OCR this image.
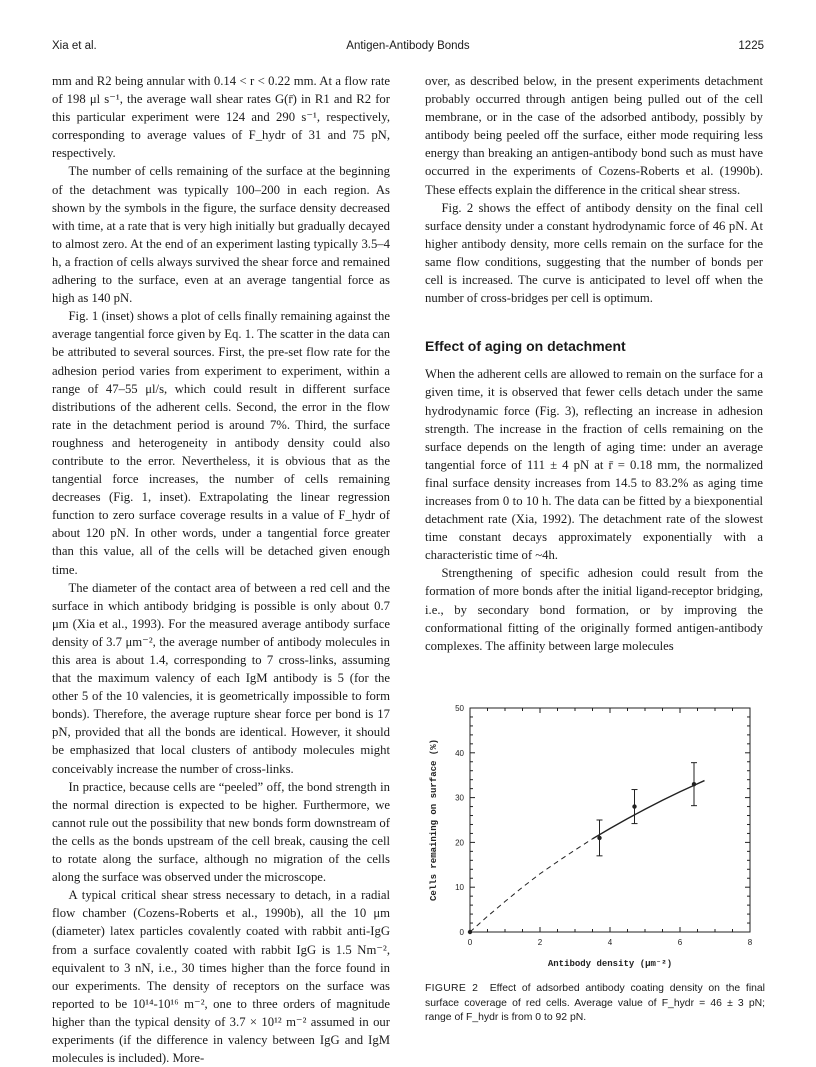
Xia et al.	Antigen-Antibody Bonds	1225

mm and R2 being annular with 0.14 < r < 0.22 mm. At a flow rate of 198 μl s⁻¹, the average wall shear rates G(r̄) in R1 and R2 for this particular experiment were 124 and 290 s⁻¹, respectively, corresponding to average values of F_hydr of 31 and 75 pN, respectively.

The number of cells remaining of the surface at the beginning of the detachment was typically 100–200 in each region. As shown by the symbols in the figure, the surface density decreased with time, at a rate that is very high initially but gradually decayed to almost zero. At the end of an experiment lasting typically 3.5–4 h, a fraction of cells always survived the shear force and remained adhering to the surface, even at an average tangential force as high as 140 pN.

Fig. 1 (inset) shows a plot of cells finally remaining against the average tangential force given by Eq. 1. The scatter in the data can be attributed to several sources. First, the pre-set flow rate for the adhesion period varies from experiment to experiment, within a range of 47–55 μl/s, which could result in different surface distributions of the adherent cells. Second, the error in the flow rate in the detachment period is around 7%. Third, the surface roughness and heterogeneity in antibody density could also contribute to the error. Nevertheless, it is obvious that as the tangential force increases, the number of cells remaining decreases (Fig. 1, inset). Extrapolating the linear regression function to zero surface coverage results in a value of F_hydr of about 120 pN. In other words, under a tangential force greater than this value, all of the cells will be detached given enough time.

The diameter of the contact area of between a red cell and the surface in which antibody bridging is possible is only about 0.7 μm (Xia et al., 1993). For the measured average antibody surface density of 3.7 μm⁻², the average number of antibody molecules in this area is about 1.4, corresponding to 7 cross-links, assuming that the maximum valency of each IgM antibody is 5 (for the other 5 of the 10 valencies, it is geometrically impossible to form bonds). Therefore, the average rupture shear force per bond is 17 pN, provided that all the bonds are identical. However, it should be emphasized that local clusters of antibody molecules might conceivably increase the number of cross-links.

In practice, because cells are “peeled” off, the bond strength in the normal direction is expected to be higher. Furthermore, we cannot rule out the possibility that new bonds form downstream of the cells as the bonds upstream of the cell break, causing the cell to rotate along the surface, although no migration of the cells along the surface was observed under the microscope.

A typical critical shear stress necessary to detach, in a radial flow chamber (Cozens-Roberts et al., 1990b), all the 10 μm (diameter) latex particles covalently coated with rabbit anti-IgG from a surface covalently coated with rabbit IgG is 1.5 Nm⁻², equivalent to 3 nN, i.e., 30 times higher than the force found in our experiments. The density of receptors on the surface was reported to be 10¹⁴-10¹⁶ m⁻², one to three orders of magnitude higher than the typical density of 3.7 × 10¹² m⁻² assumed in our experiments (if the difference in valency between IgG and IgM molecules is included). More-

over, as described below, in the present experiments detachment probably occurred through antigen being pulled out of the cell membrane, or in the case of the adsorbed antibody, possibly by antibody being peeled off the surface, either mode requiring less energy than breaking an antigen-antibody bond such as must have occurred in the experiments of Cozens-Roberts et al. (1990b). These effects explain the difference in the critical shear stress.

Fig. 2 shows the effect of antibody density on the final cell surface density under a constant hydrodynamic force of 46 pN. At higher antibody density, more cells remain on the surface for the same flow conditions, suggesting that the number of bonds per cell is increased. The curve is anticipated to level off when the number of cross-bridges per cell is optimum.

Effect of aging on detachment

When the adherent cells are allowed to remain on the surface for a given time, it is observed that fewer cells detach under the same hydrodynamic force (Fig. 3), reflecting an increase in adhesion strength. The increase in the fraction of cells remaining on the surface depends on the length of aging time: under an average tangential force of 111 ± 4 pN at r̄ = 0.18 mm, the normalized final surface density increases from 14.5 to 83.2% as aging time increases from 0 to 10 h. The data can be fitted by a biexponential detachment rate (Xia, 1992). The detachment rate of the slowest time constant decays approximately exponentially with a characteristic time of ~4h.

Strengthening of specific adhesion could result from the formation of more bonds after the initial ligand-receptor bridging, i.e., by secondary bond formation, or by improving the conformational fitting of the originally formed antigen-antibody complexes. The affinity between large molecules

0	2	4	6	8
0
10
20
30
40
50
Antibody density (μm⁻²)
Cells remaining on surface (%)
FIGURE 2 Effect of adsorbed antibody coating density on the final surface coverage of red cells. Average value of F_hydr = 46 ± 3 pN; range of F_hydr is from 0 to 92 pN.
